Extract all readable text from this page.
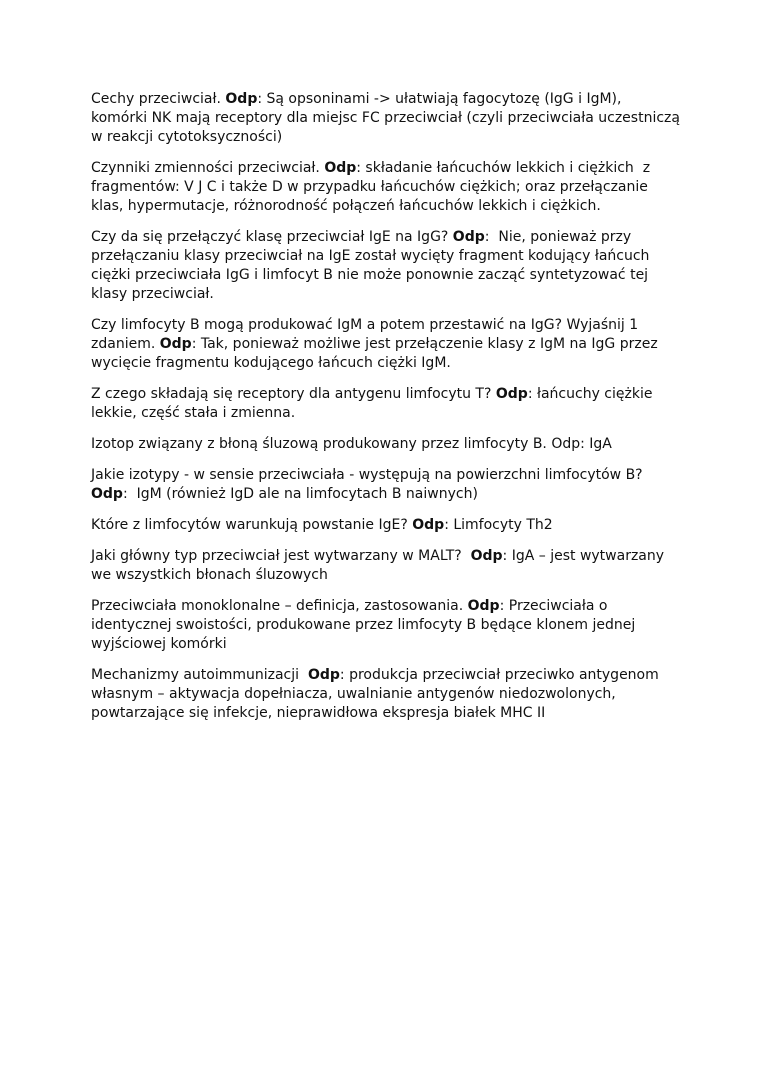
Cechy przeciwciał. Odp: Są opsoninami -> ułatwiają fagocytozę (IgG i IgM), komórki NK mają receptory dla miejsc FC przeciwciał (czyli przeciwciała uczestniczą w reakcji cytotoksyczności)

Czynniki zmienności przeciwciał. Odp: składanie łańcuchów lekkich i ciężkich  z fragmentów: V J C i także D w przypadku łańcuchów ciężkich; oraz przełączanie klas, hypermutacje, różnorodność połączeń łańcuchów lekkich i ciężkich.

Czy da się przełączyć klasę przeciwciał IgE na IgG? Odp:  Nie, ponieważ przy przełączaniu klasy przeciwciał na IgE został wycięty fragment kodujący łańcuch ciężki przeciwciała IgG i limfocyt B nie może ponownie zacząć syntetyzować tej klasy przeciwciał.

Czy limfocyty B mogą produkować IgM a potem przestawić na IgG? Wyjaśnij 1 zdaniem. Odp: Tak, ponieważ możliwe jest przełączenie klasy z IgM na IgG przez wycięcie fragmentu kodującego łańcuch ciężki IgM.

Z czego składają się receptory dla antygenu limfocytu T? Odp: łańcuchy ciężkie lekkie, część stała i zmienna.

Izotop związany z błoną śluzową produkowany przez limfocyty B. Odp: IgA

Jakie izotypy - w sensie przeciwciała - występują na powierzchni limfocytów B? Odp:  IgM (również IgD ale na limfocytach B naiwnych)

Które z limfocytów warunkują powstanie IgE? Odp: Limfocyty Th2

Jaki główny typ przeciwciał jest wytwarzany w MALT?  Odp: IgA – jest wytwarzany we wszystkich błonach śluzowych

Przeciwciała monoklonalne – definicja, zastosowania. Odp: Przeciwciała o identycznej swoistości, produkowane przez limfocyty B będące klonem jednej wyjściowej komórki

Mechanizmy autoimmunizacji  Odp: produkcja przeciwciał przeciwko antygenom własnym – aktywacja dopełniacza, uwalnianie antygenów niedozwolonych, powtarzające się infekcje, nieprawidłowa ekspresja białek MHC II
